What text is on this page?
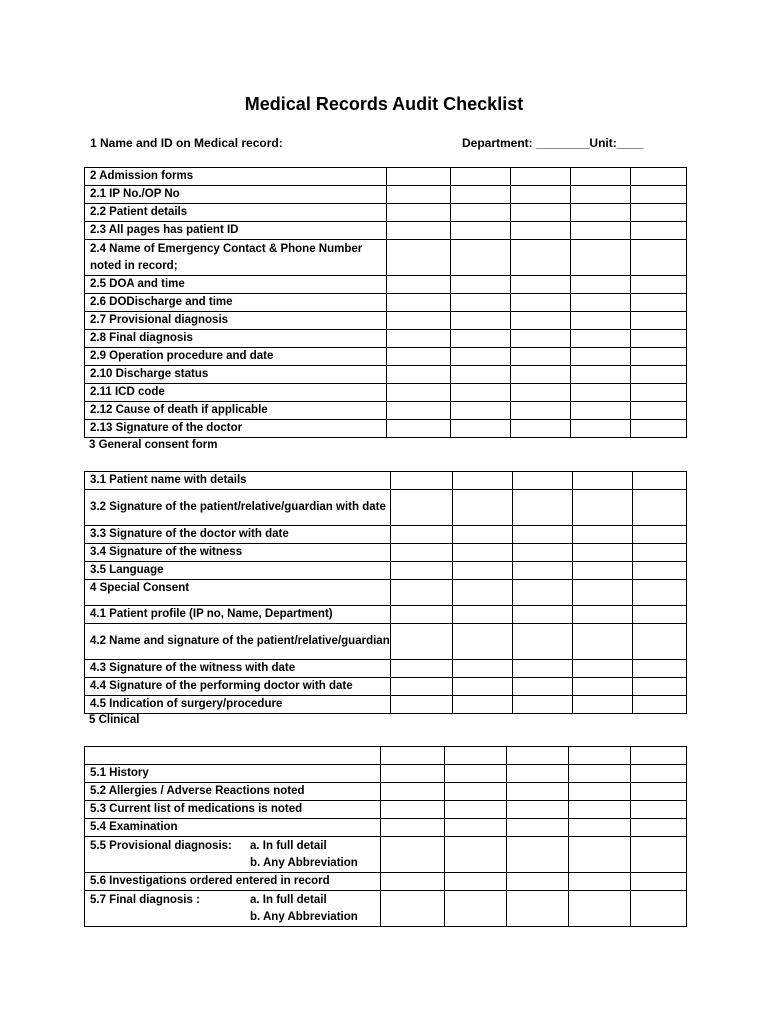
Medical Records Audit Checklist
1 Name and ID on Medical record:	Department: ________Unit:____
2 Admission forms					
2.1 IP No./OP No					
2.2 Patient details					
2.3 All pages has patient ID					
2.4 Name of Emergency Contact & Phone Number noted in record;					
2.5 DOA and time					
2.6 DODischarge and time					
2.7 Provisional diagnosis					
2.8 Final diagnosis					
2.9 Operation procedure and date					
2.10 Discharge status					
2.11 ICD code					
2.12 Cause of death if applicable					
2.13 Signature of the doctor					
3 General consent form
3.1 Patient name with details					
3.2 Signature of the patient/relative/guardian with date					
3.3 Signature of the doctor with date					
3.4 Signature of the witness					
3.5 Language					
4 Special Consent					
4.1 Patient profile (IP no, Name, Department)					
4.2 Name and signature of the patient/relative/guardian					
4.3 Signature of the witness with date					
4.4 Signature of the performing doctor with date					
4.5 Indication of surgery/procedure					
5 Clinical

5.1 History					
5.2 Allergies / Adverse Reactions noted					
5.3 Current list of medications is noted					
5.4 Examination					

5.5 Provisional diagnosis: a. In full detail
b. Any Abbreviation					

5.6 Investigations ordered entered in record					

5.7 Final diagnosis : a. In full detail
b. Any Abbreviation					
